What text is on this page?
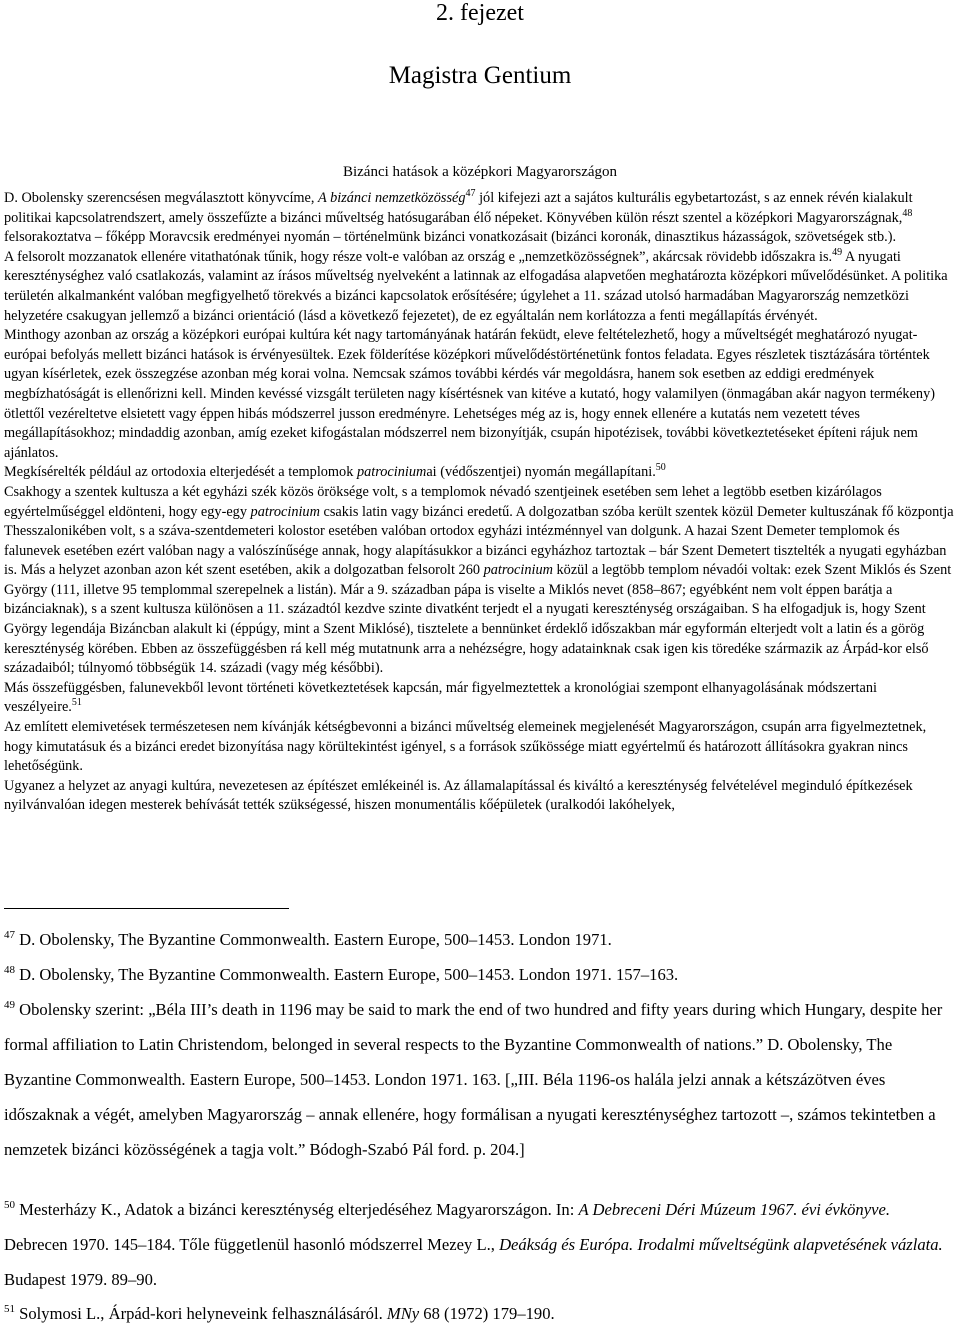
2. fejezet
Magistra Gentium
Bizánci hatások a középkori Magyarországon

D. Obolensky szerencsésen megválasztott könyvcíme, A bizánci nemzetközösség$^{47}$ jól kifejezi azt a sajátos kulturális egybetartozást, s az ennek révén kialakult politikai kapcsolatrendszert, amely összefűzte a bizánci műveltség hatósugarában élő népeket. Könyvében külön részt szentel a középkori Magyarországnak,$^{48}$ felsorakoztatva – főképp Moravcsik eredményei nyomán – történelmünk bizánci vonatkozásait (bizánci koronák, dinasztikus házasságok, szövetségek stb.).

A felsorolt mozzanatok ellenére vitathatónak tűnik, hogy része volt-e valóban az ország e „nemzetközösségnek”, akárcsak rövidebb időszakra is.$^{49}$ A nyugati kereszténységhez való csatlakozás, valamint az írásos műveltség nyelveként a latinnak az elfogadása alapvetően meghatározta középkori művelődésünket. A politika területén alkalmanként valóban megfigyelhető törekvés a bizánci kapcsolatok erősítésére; úgylehet a 11. század utolsó harmadában Magyarország nemzetközi helyzetére csakugyan jellemző a bizánci orientáció (lásd a következő fejezetet), de ez egyáltalán nem korlátozza a fenti megállapítás érvényét.

Minthogy azonban az ország a középkori európai kultúra két nagy tartományának határán feküdt, eleve feltételezhető, hogy a műveltségét meghatározó nyugat-európai befolyás mellett bizánci hatások is érvényesültek. Ezek földerítése középkori művelődéstörténetünk fontos feladata. Egyes részletek tisztázására történtek ugyan kísérletek, ezek összegzése azonban még korai volna. Nemcsak számos további kérdés vár megoldásra, hanem sok esetben az eddigi eredmények megbízhatóságát is ellenőrizni kell. Minden kevéssé vizsgált területen nagy kísértésnek van kitéve a kutató, hogy valamilyen (önmagában akár nagyon termékeny) ötlettől vezéreltetve elsietett vagy éppen hibás módszerrel jusson eredményre. Lehetséges még az is, hogy ennek ellenére a kutatás nem vezetett téves megállapításokhoz; mindaddig azonban, amíg ezeket kifogástalan módszerrel nem bizonyítják, csupán hipotézisek, további következtetéseket építeni rájuk nem ajánlatos.

Megkísérelték például az ortodoxia elterjedését a templomok patrociniumai (védőszentjei) nyomán megállapítani.$^{50}$

Csakhogy a szentek kultusza a két egyházi szék közös öröksége volt, s a templomok névadó szentjeinek esetében sem lehet a legtöbb esetben kizárólagos egyértelműséggel eldönteni, hogy egy-egy patrocinium csakis latin vagy bizánci eredetű. A dolgozatban szóba került szentek közül Demeter kultuszának fő központja Thesszalonikében volt, s a száva-szentdemeteri kolostor esetében valóban ortodox egyházi intézménnyel van dolgunk. A hazai Szent Demeter templomok és falunevek esetében ezért valóban nagy a valószínűsége annak, hogy alapításukkor a bizánci egyházhoz tartoztak – bár Szent Demetert tisztelték a nyugati egyházban is. Más a helyzet azonban azon két szent esetében, akik a dolgozatban felsorolt 260 patrocinium közül a legtöbb templom névadói voltak: ezek Szent Miklós és Szent György (111, illetve 95 templommal szerepelnek a listán). Már a 9. században pápa is viselte a Miklós nevet (858–867; egyébként nem volt éppen barátja a bizánciaknak), s a szent kultusza különösen a 11. századtól kezdve szinte divatként terjedt el a nyugati kereszténység országaiban. S ha elfogadjuk is, hogy Szent György legendája Bizáncban alakult ki (éppúgy, mint a Szent Miklósé), tisztelete a bennünket érdeklő időszakban már egyformán elterjedt volt a latin és a görög kereszténység körében. Ebben az összefüggésben rá kell még mutatnunk arra a nehézségre, hogy adatainknak csak igen kis töredéke származik az Árpád-kor első századaiból; túlnyomó többségük 14. századi (vagy még későbbi).

Más összefüggésben, falunevekből levont történeti következtetések kapcsán, már figyelmeztettek a kronológiai szempont elhanyagolásának módszertani veszélyeire.$^{51}$

Az említett elemivetések természetesen nem kívánják kétségbevonni a bizánci műveltség elemeinek megjelenését Magyarországon, csupán arra figyelmeztetnek, hogy kimutatásuk és a bizánci eredet bizonyítása nagy körültekintést igényel, s a források szűkössége miatt egyértelmű és határozott állításokra gyakran nincs lehetőségünk.

Ugyanez a helyzet az anyagi kultúra, nevezetesen az építészet emlékeinél is. Az államalapítással és kiváltó a kereszténység felvételével meginduló építkezések nyilvánvalóan idegen mesterek behívását tették szükségessé, hiszen monumentális kőépületek (uralkodói lakóhelyek,

$^{47}$ D. Obolensky, The Byzantine Commonwealth. Eastern Europe, 500–1453. London 1971.
$^{48}$ D. Obolensky, The Byzantine Commonwealth. Eastern Europe, 500–1453. London 1971. 157–163.
$^{49}$ Obolensky szerint: „Béla III’s death in 1196 may be said to mark the end of two hundred and fifty years during which Hungary, despite her formal affiliation to Latin Christendom, belonged in several respects to the Byzantine Commonwealth of nations.” D. Obolensky, The Byzantine Commonwealth. Eastern Europe, 500–1453. London 1971. 163. [„III. Béla 1196-os halála jelzi annak a kétszázötven éves időszaknak a végét, amelyben Magyarország – annak ellenére, hogy formálisan a nyugati kereszténységhez tartozott –, számos tekintetben a nemzetek bizánci közösségének a tagja volt.” Bódogh-Szabó Pál ford. p. 204.]
$^{50}$ Mesterházy K., Adatok a bizánci kereszténység elterjedéséhez Magyarországon. In: A Debreceni Déri Múzeum 1967. évi évkönyve. Debrecen 1970. 145–184. Tőle függetlenül hasonló módszerrel Mezey L., Deákság és Európa. Irodalmi műveltségünk alapvetésének vázlata. Budapest 1979. 89–90.
$^{51}$ Solymosi L., Árpád-kori helyneveink felhasználásáról. MNy 68 (1972) 179–190.
